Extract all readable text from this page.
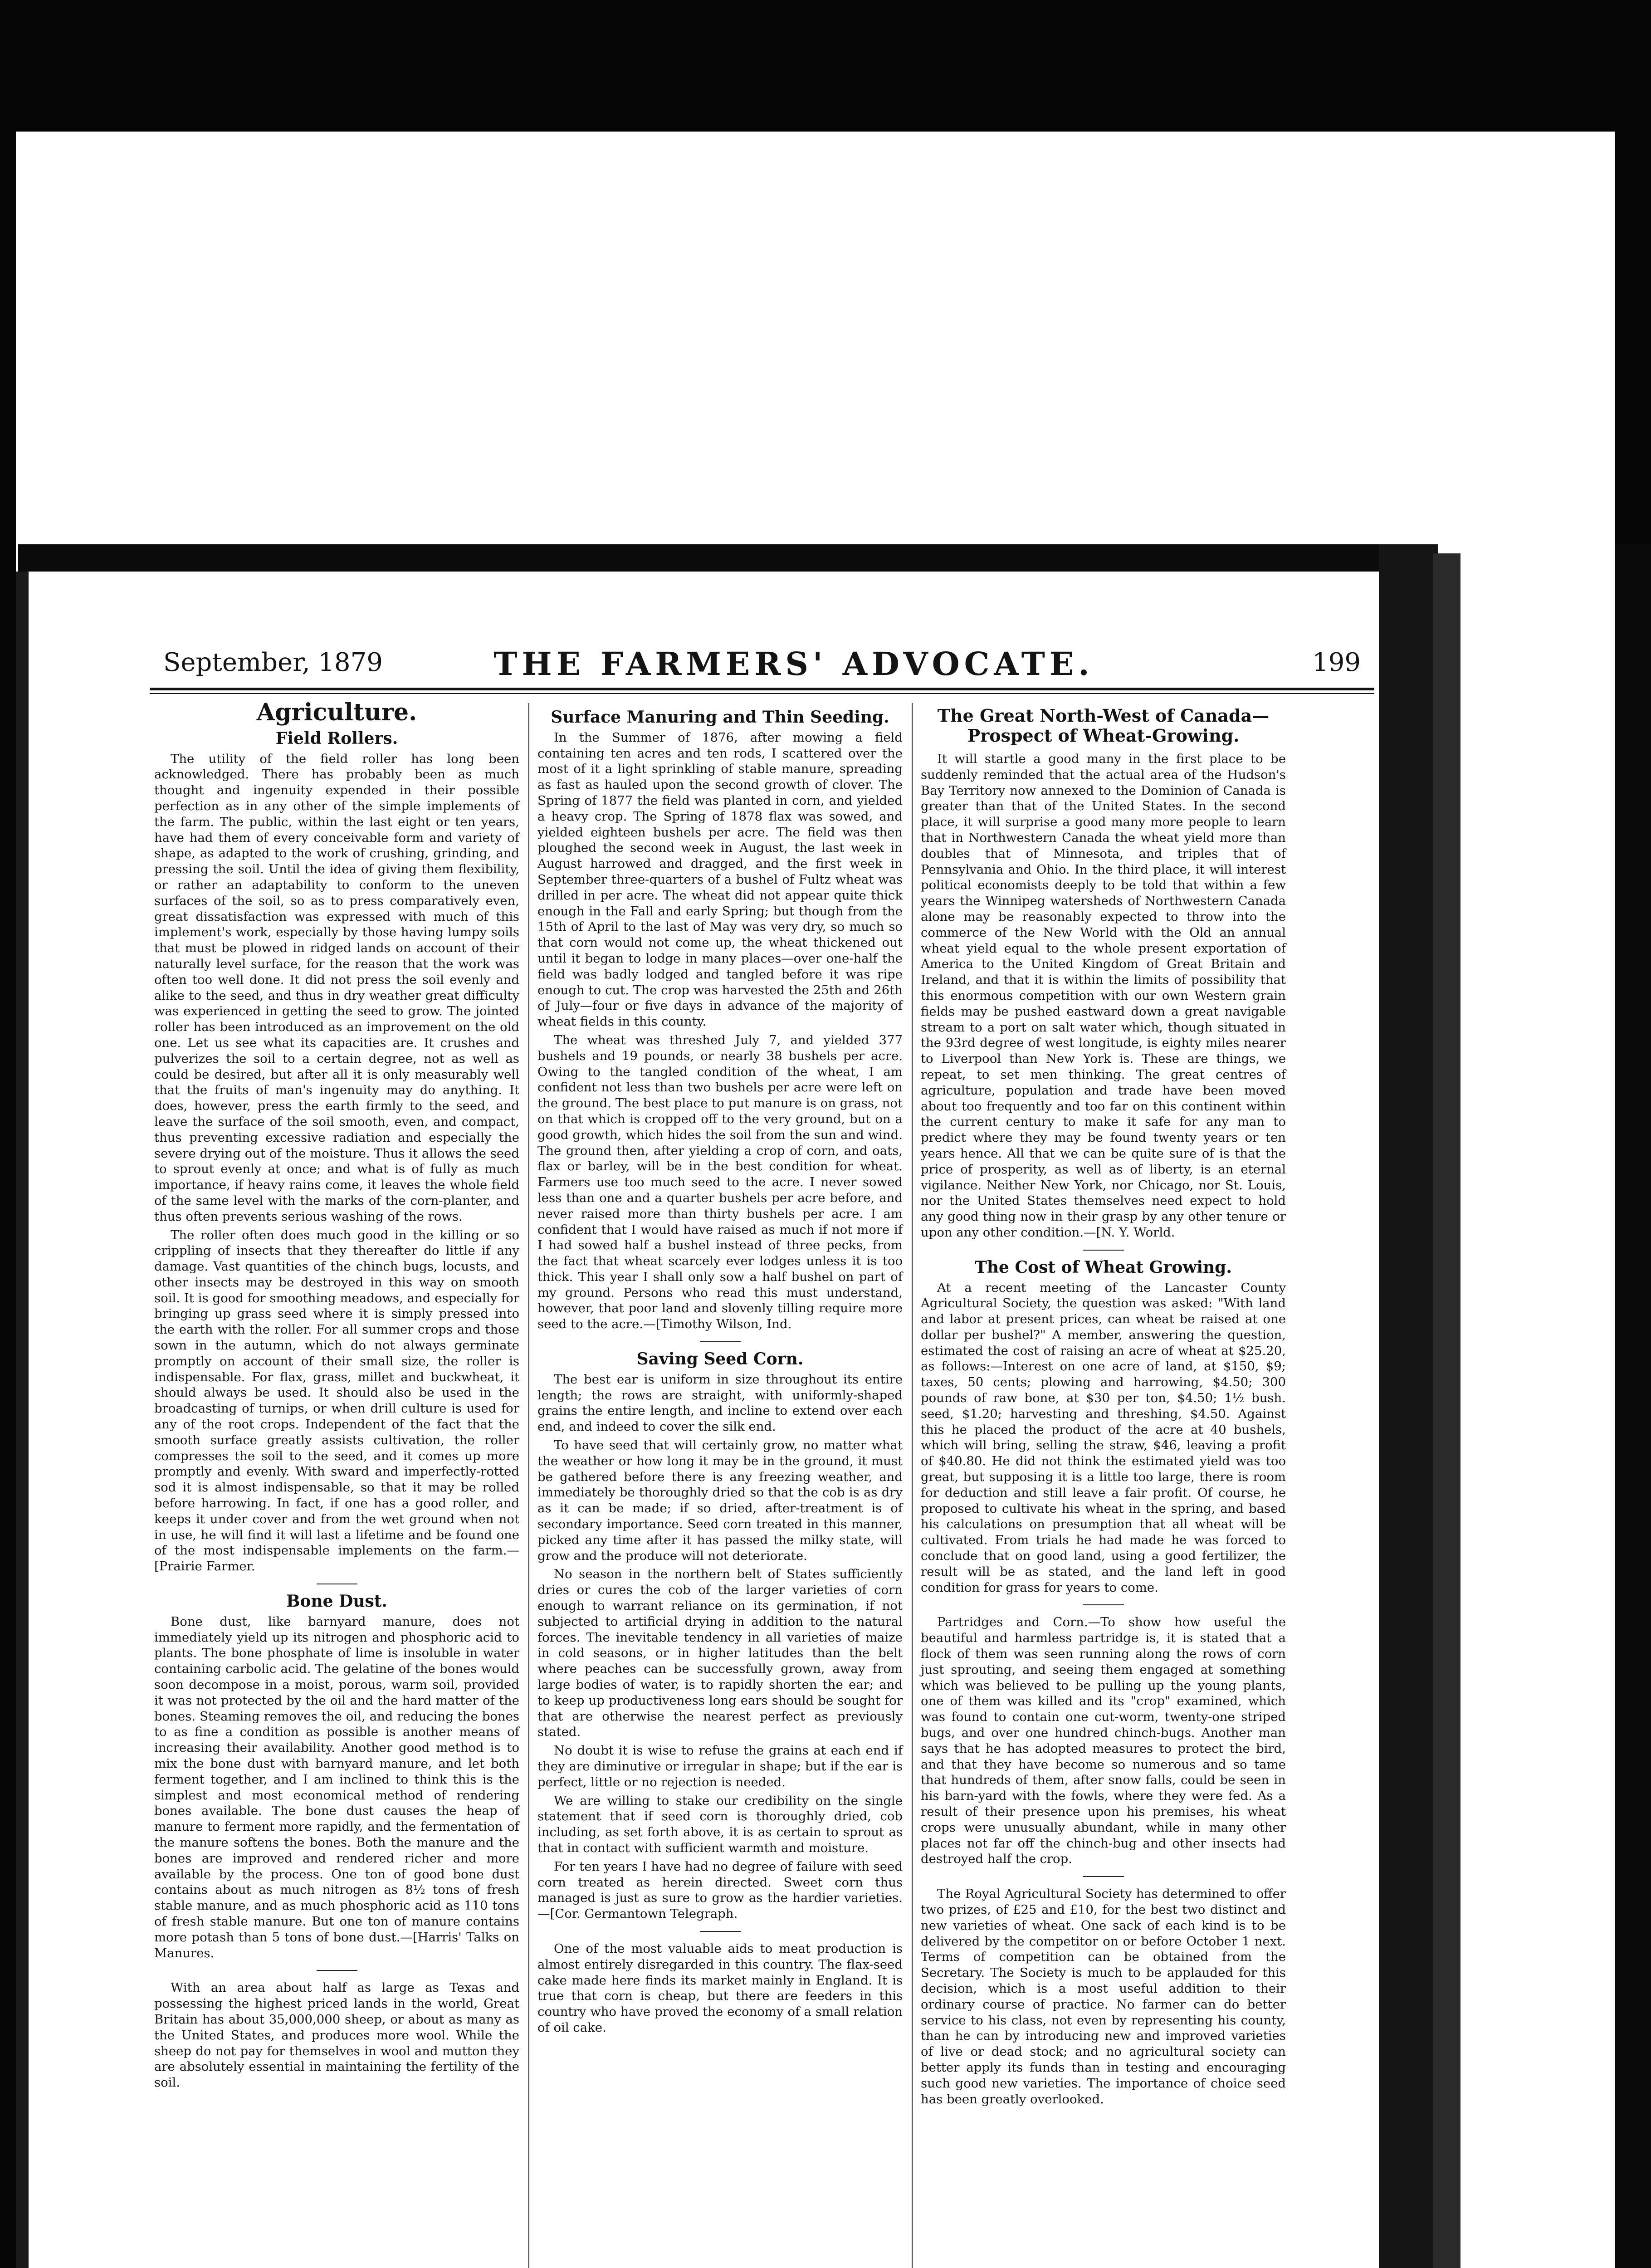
September, 1879	THE FARMERS' ADVOCATE.	199
Agriculture.
Field Rollers.

The utility of the field roller has long been acknowledged. There has probably been as much thought and ingenuity expended in their possible perfection as in any other of the simple implements of the farm. The public, within the last eight or ten years, have had them of every conceivable form and variety of shape, as adapted to the work of crushing, grinding, and pressing the soil. Until the idea of giving them flexibility, or rather an adaptability to conform to the uneven surfaces of the soil, so as to press comparatively even, great dissatisfaction was expressed with much of this implement's work, especially by those having lumpy soils that must be plowed in ridged lands on account of their naturally level surface, for the reason that the work was often too well done. It did not press the soil evenly and alike to the seed, and thus in dry weather great difficulty was experienced in getting the seed to grow. The jointed roller has been introduced as an improvement on the old one. Let us see what its capacities are. It crushes and pulverizes the soil to a certain degree, not as well as could be desired, but after all it is only measurably well that the fruits of man's ingenuity may do anything. It does, however, press the earth firmly to the seed, and leave the surface of the soil smooth, even, and compact, thus preventing excessive radiation and especially the severe drying out of the moisture. Thus it allows the seed to sprout evenly at once; and what is of fully as much importance, if heavy rains come, it leaves the whole field of the same level with the marks of the corn-planter, and thus often prevents serious washing of the rows.

The roller often does much good in the killing or so crippling of insects that they thereafter do little if any damage. Vast quantities of the chinch bugs, locusts, and other insects may be destroyed in this way on smooth soil. It is good for smoothing meadows, and especially for bringing up grass seed where it is simply pressed into the earth with the roller. For all summer crops and those sown in the autumn, which do not always germinate promptly on account of their small size, the roller is indispensable. For flax, grass, millet and buckwheat, it should always be used. It should also be used in the broadcasting of turnips, or when drill culture is used for any of the root crops. Independent of the fact that the smooth surface greatly assists cultivation, the roller compresses the soil to the seed, and it comes up more promptly and evenly. With sward and imperfectly-rotted sod it is almost indispensable, so that it may be rolled before harrowing. In fact, if one has a good roller, and keeps it under cover and from the wet ground when not in use, he will find it will last a lifetime and be found one of the most indispensable implements on the farm.—[Prairie Farmer.

Bone Dust.

Bone dust, like barnyard manure, does not immediately yield up its nitrogen and phosphoric acid to plants. The bone phosphate of lime is insoluble in water containing carbolic acid. The gelatine of the bones would soon decompose in a moist, porous, warm soil, provided it was not protected by the oil and the hard matter of the bones. Steaming removes the oil, and reducing the bones to as fine a condition as possible is another means of increasing their availability. Another good method is to mix the bone dust with barnyard manure, and let both ferment together, and I am inclined to think this is the simplest and most economical method of rendering bones available. The bone dust causes the heap of manure to ferment more rapidly, and the fermentation of the manure softens the bones. Both the manure and the bones are improved and rendered richer and more available by the process. One ton of good bone dust contains about as much nitrogen as 8½ tons of fresh stable manure, and as much phosphoric acid as 110 tons of fresh stable manure. But one ton of manure contains more potash than 5 tons of bone dust.—[Harris' Talks on Manures.

With an area about half as large as Texas and possessing the highest priced lands in the world, Great Britain has about 35,000,000 sheep, or about as many as the United States, and produces more wool. While the sheep do not pay for themselves in wool and mutton they are absolutely essential in maintaining the fertility of the soil.

Surface Manuring and Thin Seeding.

In the Summer of 1876, after mowing a field containing ten acres and ten rods, I scattered over the most of it a light sprinkling of stable manure, spreading as fast as hauled upon the second growth of clover. The Spring of 1877 the field was planted in corn, and yielded a heavy crop. The Spring of 1878 flax was sowed, and yielded eighteen bushels per acre. The field was then ploughed the second week in August, the last week in August harrowed and dragged, and the first week in September three-quarters of a bushel of Fultz wheat was drilled in per acre. The wheat did not appear quite thick enough in the Fall and early Spring; but though from the 15th of April to the last of May was very dry, so much so that corn would not come up, the wheat thickened out until it began to lodge in many places—over one-half the field was badly lodged and tangled before it was ripe enough to cut. The crop was harvested the 25th and 26th of July—four or five days in advance of the majority of wheat fields in this county.

The wheat was threshed July 7, and yielded 377 bushels and 19 pounds, or nearly 38 bushels per acre. Owing to the tangled condition of the wheat, I am confident not less than two bushels per acre were left on the ground. The best place to put manure is on grass, not on that which is cropped off to the very ground, but on a good growth, which hides the soil from the sun and wind. The ground then, after yielding a crop of corn, and oats, flax or barley, will be in the best condition for wheat. Farmers use too much seed to the acre. I never sowed less than one and a quarter bushels per acre before, and never raised more than thirty bushels per acre. I am confident that I would have raised as much if not more if I had sowed half a bushel instead of three pecks, from the fact that wheat scarcely ever lodges unless it is too thick. This year I shall only sow a half bushel on part of my ground. Persons who read this must understand, however, that poor land and slovenly tilling require more seed to the acre.—[Timothy Wilson, Ind.

Saving Seed Corn.

The best ear is uniform in size throughout its entire length; the rows are straight, with uniformly-shaped grains the entire length, and incline to extend over each end, and indeed to cover the silk end.

To have seed that will certainly grow, no matter what the weather or how long it may be in the ground, it must be gathered before there is any freezing weather, and immediately be thoroughly dried so that the cob is as dry as it can be made; if so dried, after-treatment is of secondary importance. Seed corn treated in this manner, picked any time after it has passed the milky state, will grow and the produce will not deteriorate.

No season in the northern belt of States sufficiently dries or cures the cob of the larger varieties of corn enough to warrant reliance on its germination, if not subjected to artificial drying in addition to the natural forces. The inevitable tendency in all varieties of maize in cold seasons, or in higher latitudes than the belt where peaches can be successfully grown, away from large bodies of water, is to rapidly shorten the ear; and to keep up productiveness long ears should be sought for that are otherwise the nearest perfect as previously stated.

No doubt it is wise to refuse the grains at each end if they are diminutive or irregular in shape; but if the ear is perfect, little or no rejection is needed.

We are willing to stake our credibility on the single statement that if seed corn is thoroughly dried, cob including, as set forth above, it is as certain to sprout as that in contact with sufficient warmth and moisture.

For ten years I have had no degree of failure with seed corn treated as herein directed. Sweet corn thus managed is just as sure to grow as the hardier varieties.—[Cor. Germantown Telegraph.

One of the most valuable aids to meat production is almost entirely disregarded in this country. The flax-seed cake made here finds its market mainly in England. It is true that corn is cheap, but there are feeders in this country who have proved the economy of a small relation of oil cake.

The Great North-West of Canada—Prospect of Wheat-Growing.

It will startle a good many in the first place to be suddenly reminded that the actual area of the Hudson's Bay Territory now annexed to the Dominion of Canada is greater than that of the United States. In the second place, it will surprise a good many more people to learn that in Northwestern Canada the wheat yield more than doubles that of Minnesota, and triples that of Pennsylvania and Ohio. In the third place, it will interest political economists deeply to be told that within a few years the Winnipeg watersheds of Northwestern Canada alone may be reasonably expected to throw into the commerce of the New World with the Old an annual wheat yield equal to the whole present exportation of America to the United Kingdom of Great Britain and Ireland, and that it is within the limits of possibility that this enormous competition with our own Western grain fields may be pushed eastward down a great navigable stream to a port on salt water which, though situated in the 93rd degree of west longitude, is eighty miles nearer to Liverpool than New York is. These are things, we repeat, to set men thinking. The great centres of agriculture, population and trade have been moved about too frequently and too far on this continent within the current century to make it safe for any man to predict where they may be found twenty years or ten years hence. All that we can be quite sure of is that the price of prosperity, as well as of liberty, is an eternal vigilance. Neither New York, nor Chicago, nor St. Louis, nor the United States themselves need expect to hold any good thing now in their grasp by any other tenure or upon any other condition.—[N. Y. World.

The Cost of Wheat Growing.

At a recent meeting of the Lancaster County Agricultural Society, the question was asked: "With land and labor at present prices, can wheat be raised at one dollar per bushel?" A member, answering the question, estimated the cost of raising an acre of wheat at $25.20, as follows:—Interest on one acre of land, at $150, $9; taxes, 50 cents; plowing and harrowing, $4.50; 300 pounds of raw bone, at $30 per ton, $4.50; 1½ bush. seed, $1.20; harvesting and threshing, $4.50. Against this he placed the product of the acre at 40 bushels, which will bring, selling the straw, $46, leaving a profit of $40.80. He did not think the estimated yield was too great, but supposing it is a little too large, there is room for deduction and still leave a fair profit. Of course, he proposed to cultivate his wheat in the spring, and based his calculations on presumption that all wheat will be cultivated. From trials he had made he was forced to conclude that on good land, using a good fertilizer, the result will be as stated, and the land left in good condition for grass for years to come.

Partridges and Corn.—To show how useful the beautiful and harmless partridge is, it is stated that a flock of them was seen running along the rows of corn just sprouting, and seeing them engaged at something which was believed to be pulling up the young plants, one of them was killed and its "crop" examined, which was found to contain one cut-worm, twenty-one striped bugs, and over one hundred chinch-bugs. Another man says that he has adopted measures to protect the bird, and that they have become so numerous and so tame that hundreds of them, after snow falls, could be seen in his barn-yard with the fowls, where they were fed. As a result of their presence upon his premises, his wheat crops were unusually abundant, while in many other places not far off the chinch-bug and other insects had destroyed half the crop.

The Royal Agricultural Society has determined to offer two prizes, of £25 and £10, for the best two distinct and new varieties of wheat. One sack of each kind is to be delivered by the competitor on or before October 1 next. Terms of competition can be obtained from the Secretary. The Society is much to be applauded for this decision, which is a most useful addition to their ordinary course of practice. No farmer can do better service to his class, not even by representing his county, than he can by introducing new and improved varieties of live or dead stock; and no agricultural society can better apply its funds than in testing and encouraging such good new varieties. The importance of choice seed has been greatly overlooked.
